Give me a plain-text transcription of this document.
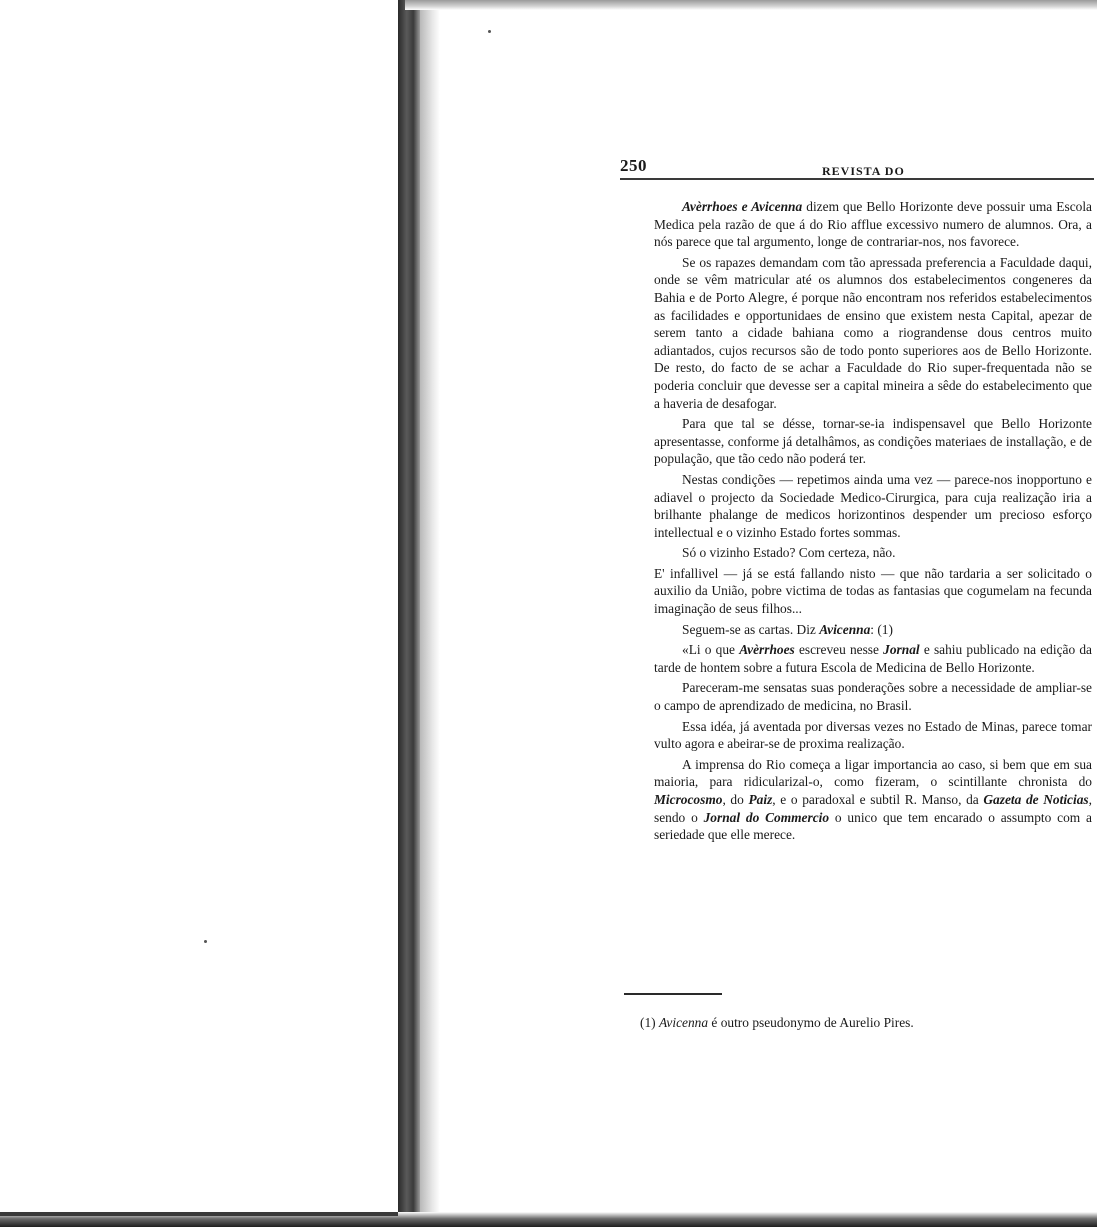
250	REVISTA DO

Avèrrhoes e Avicenna dizem que Bello Horizonte deve possuir uma Escola Medica pela razão de que á do Rio afflue excessivo numero de alumnos. Ora, a nós parece que tal argumento, longe de contrariar-nos, nos favorece.

Se os rapazes demandam com tão apressada preferencia a Faculdade daqui, onde se vêm matricular até os alumnos dos estabelecimentos congeneres da Bahia e de Porto Alegre, é porque não encontram nos referidos estabelecimentos as facilidades e opportunidaes de ensino que existem nesta Capital, apezar de serem tanto a cidade bahiana como a riograndense dous centros muito adiantados, cujos recursos são de todo ponto superiores aos de Bello Horizonte. De resto, do facto de se achar a Faculdade do Rio super-frequentada não se poderia concluir que devesse ser a capital mineira a sêde do estabelecimento que a haveria de desafogar.

Para que tal se désse, tornar-se-ia indispensavel que Bello Horizonte apresentasse, conforme já detalhâmos, as condições materiaes de installação, e de população, que tão cedo não poderá ter.

Nestas condições — repetimos ainda uma vez — parece-nos inopportuno e adiavel o projecto da Sociedade Medico-Cirurgica, para cuja realização iria a brilhante phalange de medicos horizontinos despender um precioso esforço intellectual e o vizinho Estado fortes sommas.

Só o vizinho Estado? Com certeza, não.

E' infallivel — já se está fallando nisto — que não tardaria a ser solicitado o auxilio da União, pobre victima de todas as fantasias que cogumelam na fecunda imaginação de seus filhos...

Seguem-se as cartas. Diz Avicenna: (1)

«Li o que Avèrrhoes escreveu nesse Jornal e sahiu publicado na edição da tarde de hontem sobre a futura Escola de Medicina de Bello Horizonte.

Pareceram-me sensatas suas ponderações sobre a necessidade de ampliar-se o campo de aprendizado de medicina, no Brasil.

Essa idéa, já aventada por diversas vezes no Estado de Minas, parece tomar vulto agora e abeirar-se de proxima realização.

A imprensa do Rio começa a ligar importancia ao caso, si bem que em sua maioria, para ridicularizal-o, como fizeram, o scintillante chronista do Microcosmo, do Paiz, e o paradoxal e subtil R. Manso, da Gazeta de Noticias, sendo o Jornal do Commercio o unico que tem encarado o assumpto com a seriedade que elle merece.

(1) Avicenna é outro pseudonymo de Aurelio Pires.
